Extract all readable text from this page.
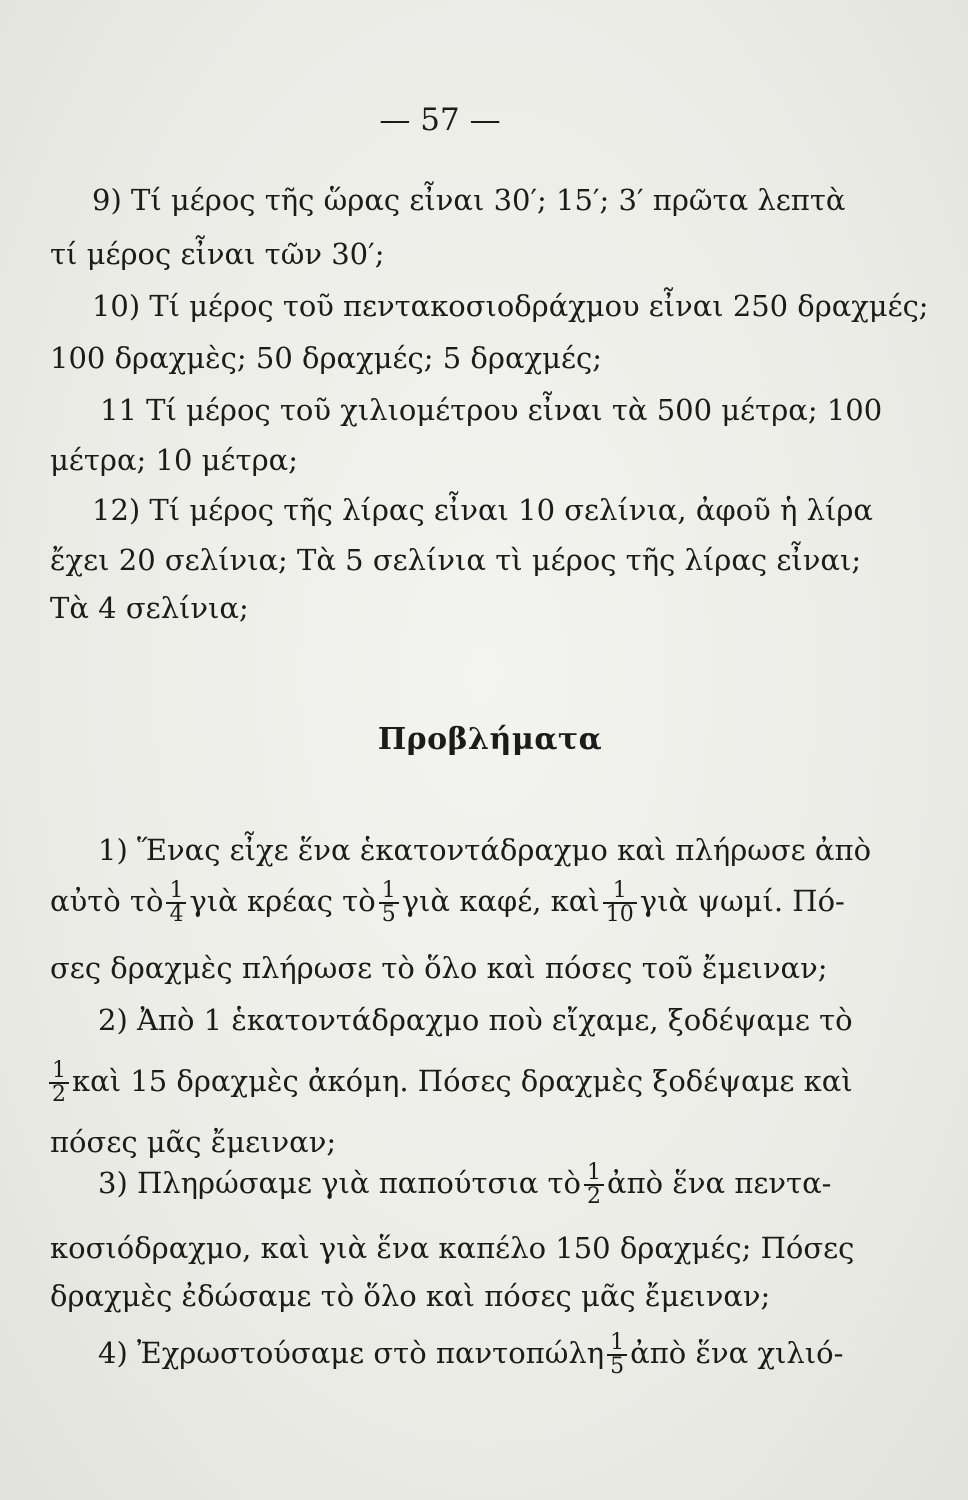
— 57 —
9) Τί μέρος τῆς ὥρας εἶναι 30′; 15′; 3′ πρῶτα λεπτὰ
τί μέρος εἶναι τῶν 30′;
10) Τί μέρος τοῦ πεντακοσιοδράχμου εἶναι 250 δραχμές;
100 δραχμὲς; 50 δραχμές; 5 δραχμές;
11 Τί μέρος τοῦ χιλιομέτρου εἶναι τὰ 500 μέτρα; 100
μέτρα; 10 μέτρα;
12) Τί μέρος τῆς λίρας εἶναι 10 σελίνια, ἀφοῦ ἡ λίρα
ἔχει 20 σελίνια; Τὰ 5 σελίνια τὶ μέρος τῆς λίρας εἶναι;
Τὰ 4 σελίνια;
Προβλήματα
1) Ἕνας εἶχε ἕνα ἑκατοντάδραχμο καὶ πλήρωσε ἀπὸ
αὐτὸ τὸ $\frac{1}{4}$ γιὰ κρέας τὸ $\frac{1}{5}$ γιὰ καφέ, καὶ $\frac{1}{10}$ γιὰ ψωμί. Πό-
σες δραχμὲς πλήρωσε τὸ ὅλο καὶ πόσες τοῦ ἔμειναν;
2) Ἀπὸ 1 ἑκατοντάδραχμο ποὺ εἴχαμε, ξοδέψαμε τὸ
$\frac{1}{2}$ καὶ 15 δραχμὲς ἀκόμη. Πόσες δραχμὲς ξοδέψαμε καὶ
πόσες μᾶς ἔμειναν;
3) Πληρώσαμε γιὰ παπούτσια τὸ $\frac{1}{2}$ ἀπὸ ἕνα πεντα-
κοσιόδραχμο, καὶ γιὰ ἕνα καπέλο 150 δραχμές; Πόσες
δραχμὲς ἐδώσαμε τὸ ὅλο καὶ πόσες μᾶς ἔμειναν;
4) Ἐχρωστούσαμε στὸ παντοπώλη $\frac{1}{5}$ ἀπὸ ἕνα χιλιό-
